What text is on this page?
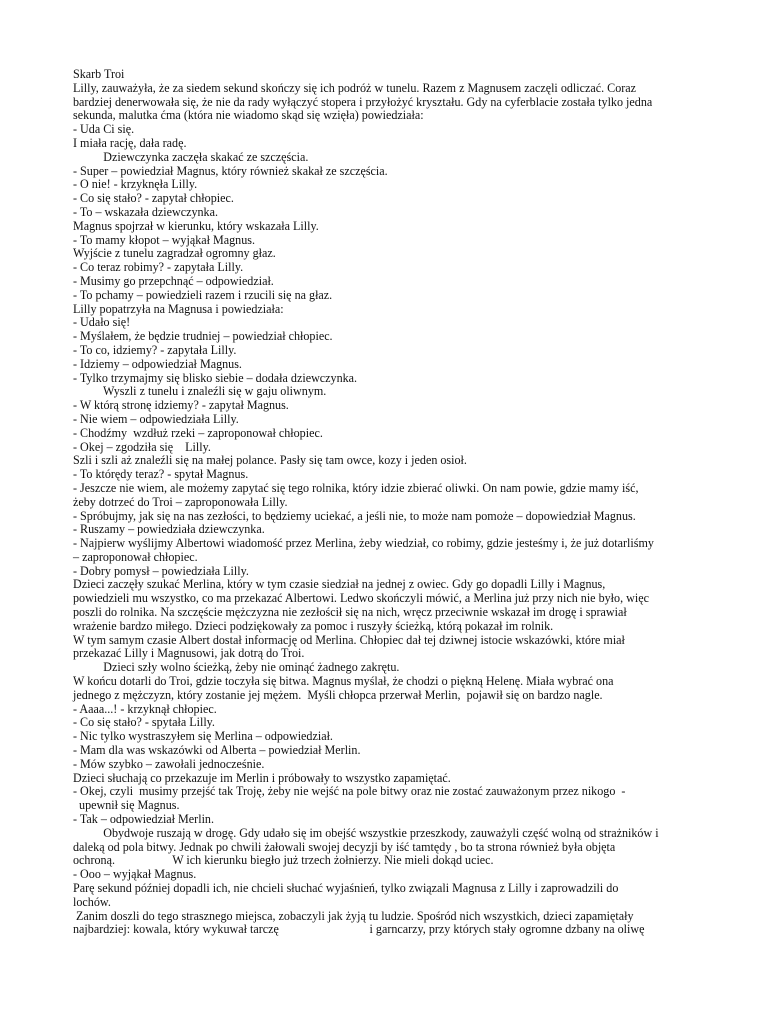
Skarb Troi
Lilly, zauważyła, że za siedem sekund skończy się ich podróż w tunelu. Razem z Magnusem zaczęli odliczać. Coraz
bardziej denerwowała się, że nie da rady wyłączyć stopera i przyłożyć kryształu. Gdy na cyferblacie została tylko jedna
sekunda, malutka ćma (która nie wiadomo skąd się wzięła) powiedziała:
- Uda Ci się.
I miała rację, dała radę.
Dziewczynka zaczęła skakać ze szczęścia.
- Super – powiedział Magnus, który również skakał ze szczęścia.
- O nie! - krzyknęła Lilly.
- Co się stało? - zapytał chłopiec.
- To – wskazała dziewczynka.
Magnus spojrzał w kierunku, który wskazała Lilly.
- To mamy kłopot – wyjąkał Magnus.
Wyjście z tunelu zagradzał ogromny głaz.
- Co teraz robimy? - zapytała Lilly.
- Musimy go przepchnąć – odpowiedział.
- To pchamy – powiedzieli razem i rzucili się na głaz.
Lilly popatrzyła na Magnusa i powiedziała:
- Udało się!
- Myślałem, że będzie trudniej – powiedział chłopiec.
- To co, idziemy? - zapytała Lilly.
- Idziemy – odpowiedział Magnus.
- Tylko trzymajmy się blisko siebie – dodała dziewczynka.
Wyszli z tunelu i znaleźli się w gaju oliwnym.
- W którą stronę idziemy? - zapytał Magnus.
- Nie wiem – odpowiedziała Lilly.
- Chodźmy  wzdłuż rzeki – zaproponował chłopiec.
- Okej – zgodziła się    Lilly.
Szli i szli aż znaleźli się na małej polance. Pasły się tam owce, kozy i jeden osioł.
- To którędy teraz? - spytał Magnus.
- Jeszcze nie wiem, ale możemy zapytać się tego rolnika, który idzie zbierać oliwki. On nam powie, gdzie mamy iść,
żeby dotrzeć do Troi – zaproponowała Lilly.
- Spróbujmy, jak się na nas zezłości, to będziemy uciekać, a jeśli nie, to może nam pomoże – dopowiedział Magnus.
- Ruszamy – powiedziała dziewczynka.
- Najpierw wyślijmy Albertowi wiadomość przez Merlina, żeby wiedział, co robimy, gdzie jesteśmy i, że już dotarliśmy
– zaproponował chłopiec.
- Dobry pomysł – powiedziała Lilly.
Dzieci zaczęły szukać Merlina, który w tym czasie siedział na jednej z owiec. Gdy go dopadli Lilly i Magnus,
powiedzieli mu wszystko, co ma przekazać Albertowi. Ledwo skończyli mówić, a Merlina już przy nich nie było, więc
poszli do rolnika. Na szczęście mężczyzna nie zezłościł się na nich, wręcz przeciwnie wskazał im drogę i sprawiał
wrażenie bardzo miłego. Dzieci podziękowały za pomoc i ruszyły ścieżką, którą pokazał im rolnik.
W tym samym czasie Albert dostał informację od Merlina. Chłopiec dał tej dziwnej istocie wskazówki, które miał
przekazać Lilly i Magnusowi, jak dotrą do Troi.
Dzieci szły wolno ścieżką, żeby nie ominąć żadnego zakrętu.
W końcu dotarli do Troi, gdzie toczyła się bitwa. Magnus myślał, że chodzi o piękną Helenę. Miała wybrać ona
jednego z mężczyzn, który zostanie jej mężem.  Myśli chłopca przerwał Merlin,  pojawił się on bardzo nagle.
- Aaaa...! - krzyknął chłopiec.
- Co się stało? - spytała Lilly.
- Nic tylko wystraszyłem się Merlina – odpowiedział.
- Mam dla was wskazówki od Alberta – powiedział Merlin.
- Mów szybko – zawołali jednocześnie.
Dzieci słuchają co przekazuje im Merlin i próbowały to wszystko zapamiętać.
- Okej, czyli  musimy przejść tak Troję, żeby nie wejść na pole bitwy oraz nie zostać zauważonym przez nikogo  -
upewnił się Magnus.
- Tak – odpowiedział Merlin.
Obydwoje ruszają w drogę. Gdy udało się im obejść wszystkie przeszkody, zauważyli część wolną od strażników i
daleką od pola bitwy. Jednak po chwili żałowali swojej decyzji by iść tamtędy , bo ta strona również była objęta
ochroną.                   W ich kierunku biegło już trzech żołnierzy. Nie mieli dokąd uciec.
- Ooo – wyjąkał Magnus.
Parę sekund później dopadli ich, nie chcieli słuchać wyjaśnień, tylko związali Magnusa z Lilly i zaprowadzili do
lochów.
Zanim doszli do tego strasznego miejsca, zobaczyli jak żyją tu ludzie. Spośród nich wszystkich, dzieci zapamiętały
najbardziej: kowala, który wykuwał tarczę                              i garncarzy, przy których stały ogromne dzbany na oliwę
